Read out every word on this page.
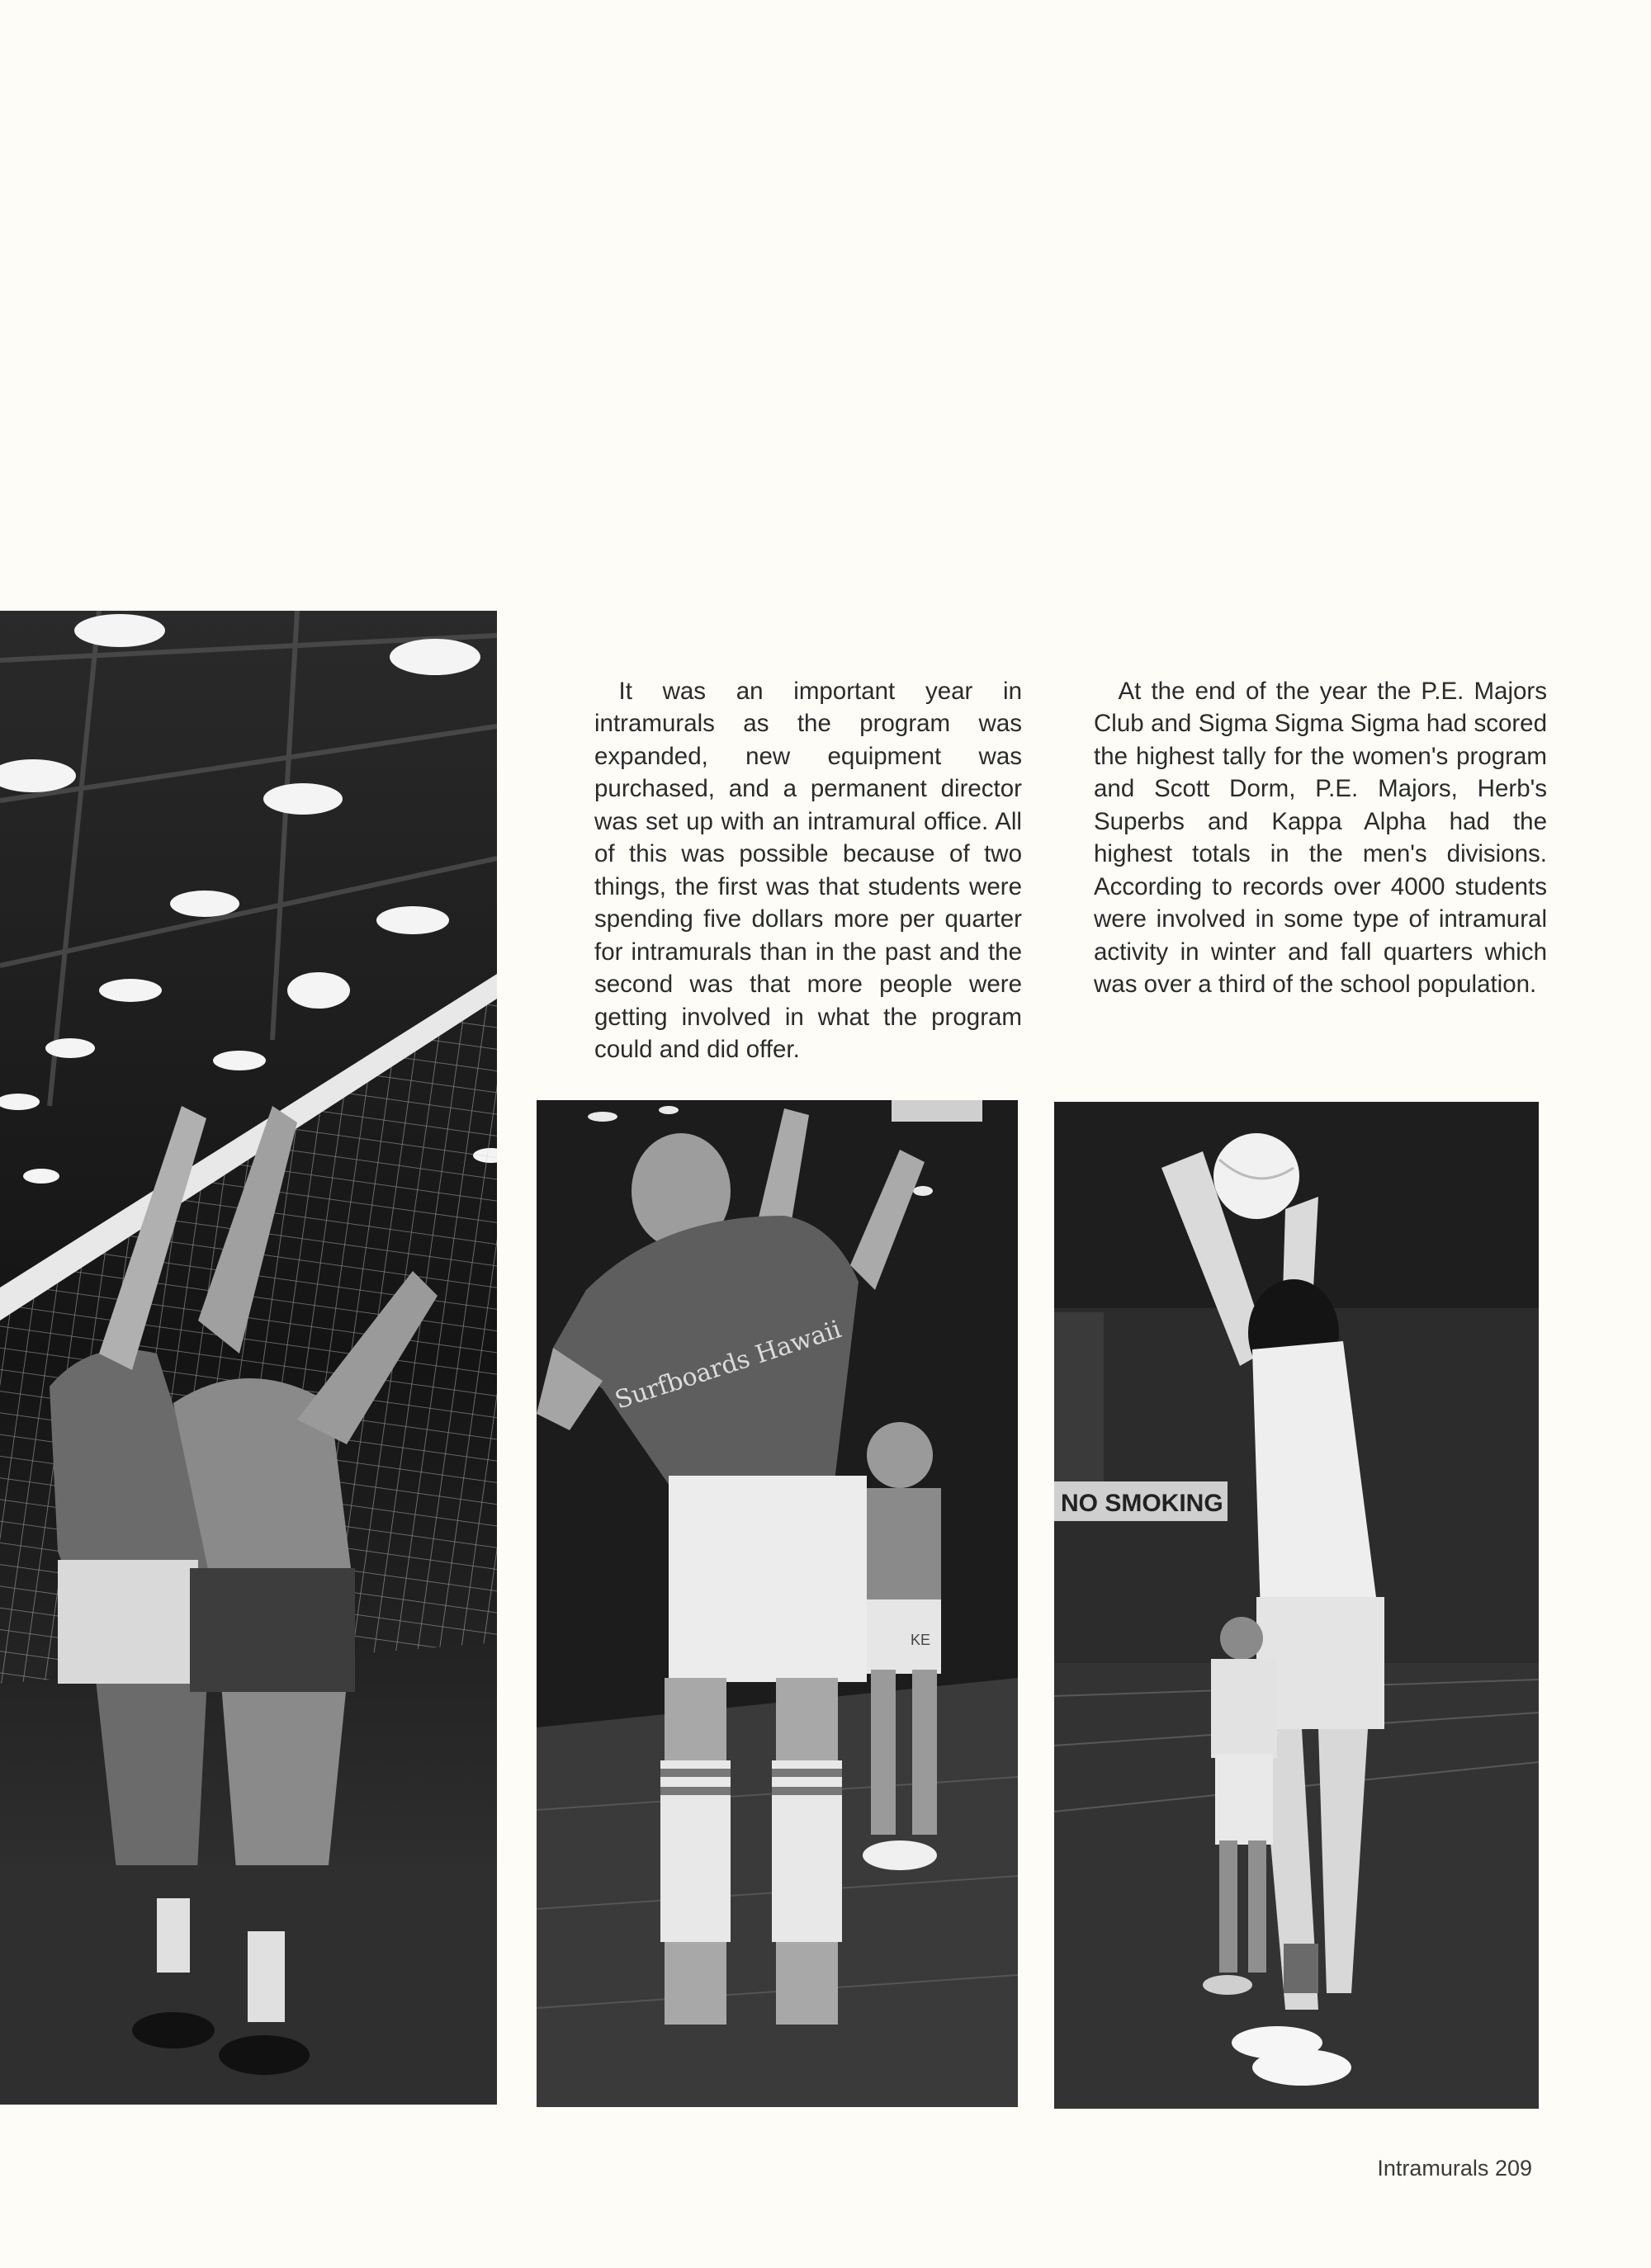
Surfboards Hawaii
KE
NO SMOKING

It was an important year in intramurals as the program was expanded, new equipment was purchased, and a permanent director was set up with an intramural office. All of this was possible because of two things, the first was that students were spending five dollars more per quarter for intramurals than in the past and the second was that more people were getting involved in what the program could and did offer.

At the end of the year the P.E. Majors Club and Sigma Sigma Sigma had scored the highest tally for the women's program and Scott Dorm, P.E. Majors, Herb's Superbs and Kappa Alpha had the highest totals in the men's divisions. According to records over 4000 students were involved in some type of intramural activity in winter and fall quarters which was over a third of the school population.

Intramurals 209
